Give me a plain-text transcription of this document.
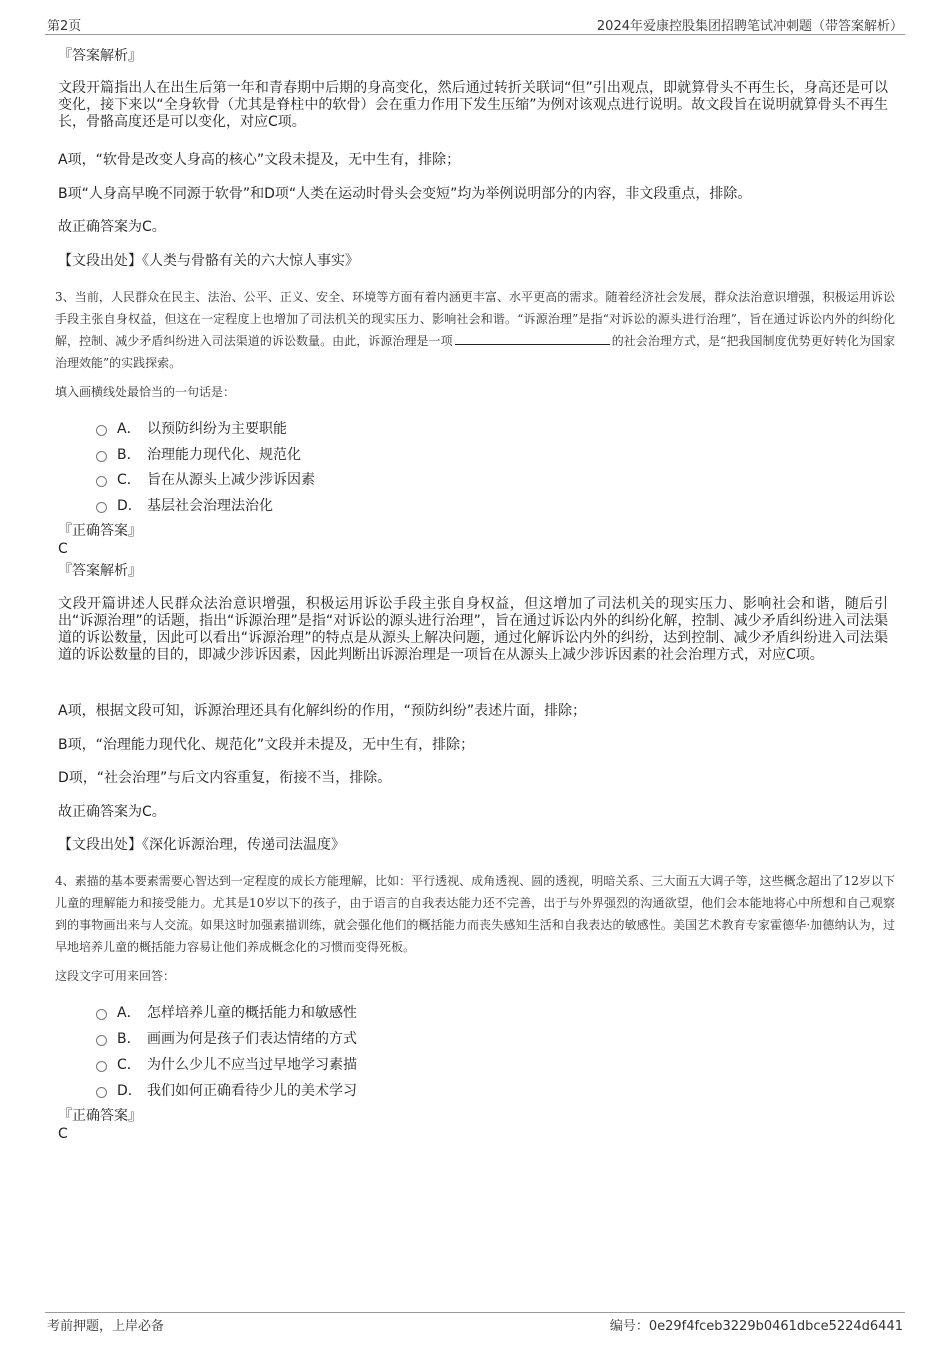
第2页	2024年爱康控股集团招聘笔试冲刺题（带答案解析）
『答案解析』
文段开篇指出人在出生后第一年和青春期中后期的身高变化，然后通过转折关联词“但”引出观点，即就算骨头不再生长，身高还是可以变化，接下来以“全身软骨（尤其是脊柱中的软骨）会在重力作用下发生压缩”为例对该观点进行说明。故文段旨在说明就算骨头不再生长，骨骼高度还是可以变化，对应C项。
A项，“软骨是改变人身高的核心”文段未提及，无中生有，排除；
B项“人身高早晚不同源于软骨”和D项“人类在运动时骨头会变短”均为举例说明部分的内容，非文段重点，排除。
故正确答案为C。
【文段出处】《人类与骨骼有关的六大惊人事实》
3、当前，人民群众在民主、法治、公平、正义、安全、环境等方面有着内涵更丰富、水平更高的需求。随着经济社会发展，群众法治意识增强，积极运用诉讼手段主张自身权益，但这在一定程度上也增加了司法机关的现实压力、影响社会和谐。“诉源治理”是指“对诉讼的源头进行治理”，旨在通过诉讼内外的纠纷化解，控制、减少矛盾纠纷进入司法渠道的诉讼数量。由此，诉源治理是一项	的社会治理方式，是“把我国制度优势更好转化为国家治理效能”的实践探索。
填入画横线处最恰当的一句话是：
A． 以预防纠纷为主要职能
B． 治理能力现代化、规范化
C． 旨在从源头上减少涉诉因素
D． 基层社会治理法治化
『正确答案』
C
『答案解析』
文段开篇讲述人民群众法治意识增强，积极运用诉讼手段主张自身权益，但这增加了司法机关的现实压力、影响社会和谐，随后引出“诉源治理”的话题，指出“诉源治理”是指“对诉讼的源头进行治理”，旨在通过诉讼内外的纠纷化解，控制、减少矛盾纠纷进入司法渠道的诉讼数量，因此可以看出“诉源治理”的特点是从源头上解决问题，通过化解诉讼内外的纠纷，达到控制、减少矛盾纠纷进入司法渠道的诉讼数量的目的，即减少涉诉因素，因此判断出诉源治理是一项旨在从源头上减少涉诉因素的社会治理方式，对应C项。
A项，根据文段可知，诉源治理还具有化解纠纷的作用，“预防纠纷”表述片面，排除；
B项，“治理能力现代化、规范化”文段并未提及，无中生有，排除；
D项，“社会治理”与后文内容重复，衔接不当，排除。
故正确答案为C。
【文段出处】《深化诉源治理，传递司法温度》
4、素描的基本要素需要心智达到一定程度的成长方能理解，比如：平行透视、成角透视、圆的透视，明暗关系、三大面五大调子等，这些概念超出了12岁以下儿童的理解能力和接受能力。尤其是10岁以下的孩子，由于语言的自我表达能力还不完善，出于与外界强烈的沟通欲望，他们会本能地将心中所想和自己观察到的事物画出来与人交流。如果这时加强素描训练，就会强化他们的概括能力而丧失感知生活和自我表达的敏感性。美国艺术教育专家霍德华·加德纳认为，过早地培养儿童的概括能力容易让他们养成概念化的习惯而变得死板。
这段文字可用来回答：
A． 怎样培养儿童的概括能力和敏感性
B． 画画为何是孩子们表达情绪的方式
C． 为什么少儿不应当过早地学习素描
D． 我们如何正确看待少儿的美术学习
『正确答案』
C
考前押题，上岸必备	编号：0e29f4fceb3229b0461dbce5224d6441
